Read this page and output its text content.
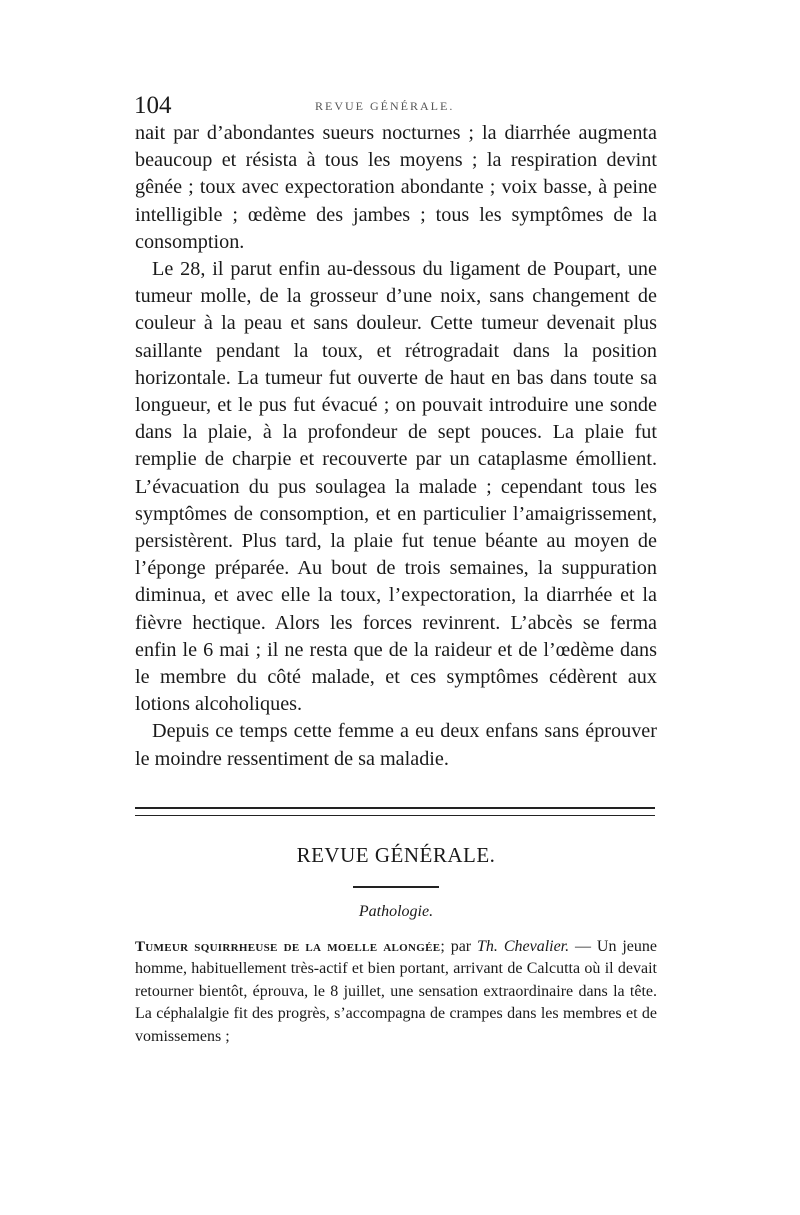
104	REVUE GÉNÉRALE.

nait par d’abondantes sueurs nocturnes ; la diarrhée augmenta beaucoup et résista à tous les moyens ; la respiration devint gênée ; toux avec expectoration abondante ; voix basse, à peine intelligible ; œdème des jambes ; tous les symptômes de la consomption.

Le 28, il parut enfin au-dessous du ligament de Poupart, une tumeur molle, de la grosseur d’une noix, sans changement de couleur à la peau et sans douleur. Cette tumeur devenait plus saillante pendant la toux, et rétrogradait dans la position horizontale. La tumeur fut ouverte de haut en bas dans toute sa longueur, et le pus fut évacué ; on pouvait introduire une sonde dans la plaie, à la profondeur de sept pouces. La plaie fut remplie de charpie et recouverte par un cataplasme émollient. L’évacuation du pus soulagea la malade ; cependant tous les symptômes de consomption, et en particulier l’amaigrissement, persistèrent. Plus tard, la plaie fut tenue béante au moyen de l’éponge préparée. Au bout de trois semaines, la suppuration diminua, et avec elle la toux, l’expectoration, la diarrhée et la fièvre hectique. Alors les forces revinrent. L’abcès se ferma enfin le 6 mai ; il ne resta que de la raideur et de l’œdème dans le membre du côté malade, et ces symptômes cédèrent aux lotions alcoholiques.

Depuis ce temps cette femme a eu deux enfans sans éprouver le moindre ressentiment de sa maladie.

REVUE GÉNÉRALE.
Pathologie.
Tumeur squirrheuse de la moelle alongée; par Th. Chevalier. — Un jeune homme, habituellement très-actif et bien portant, arrivant de Calcutta où il devait retourner bientôt, éprouva, le 8 juillet, une sensation extraordinaire dans la tête. La céphalalgie fit des progrès, s’accompagna de crampes dans les membres et de vomissemens ;
